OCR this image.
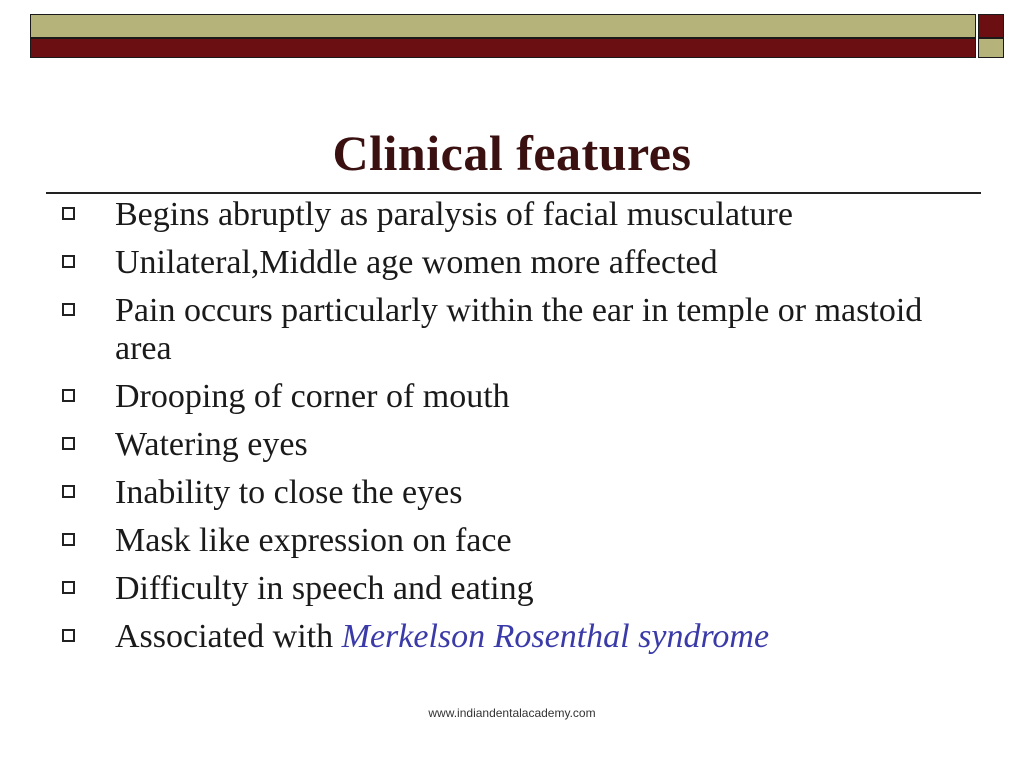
Clinical features
Begins abruptly as paralysis of facial musculature
Unilateral,Middle age women more affected
Pain occurs particularly within the ear in temple or mastoid area
Drooping of corner of mouth
Watering eyes
Inability to close the eyes
Mask like expression on face
Difficulty in speech and eating
Associated with Merkelson Rosenthal syndrome
www.indiandentalacademy.com
